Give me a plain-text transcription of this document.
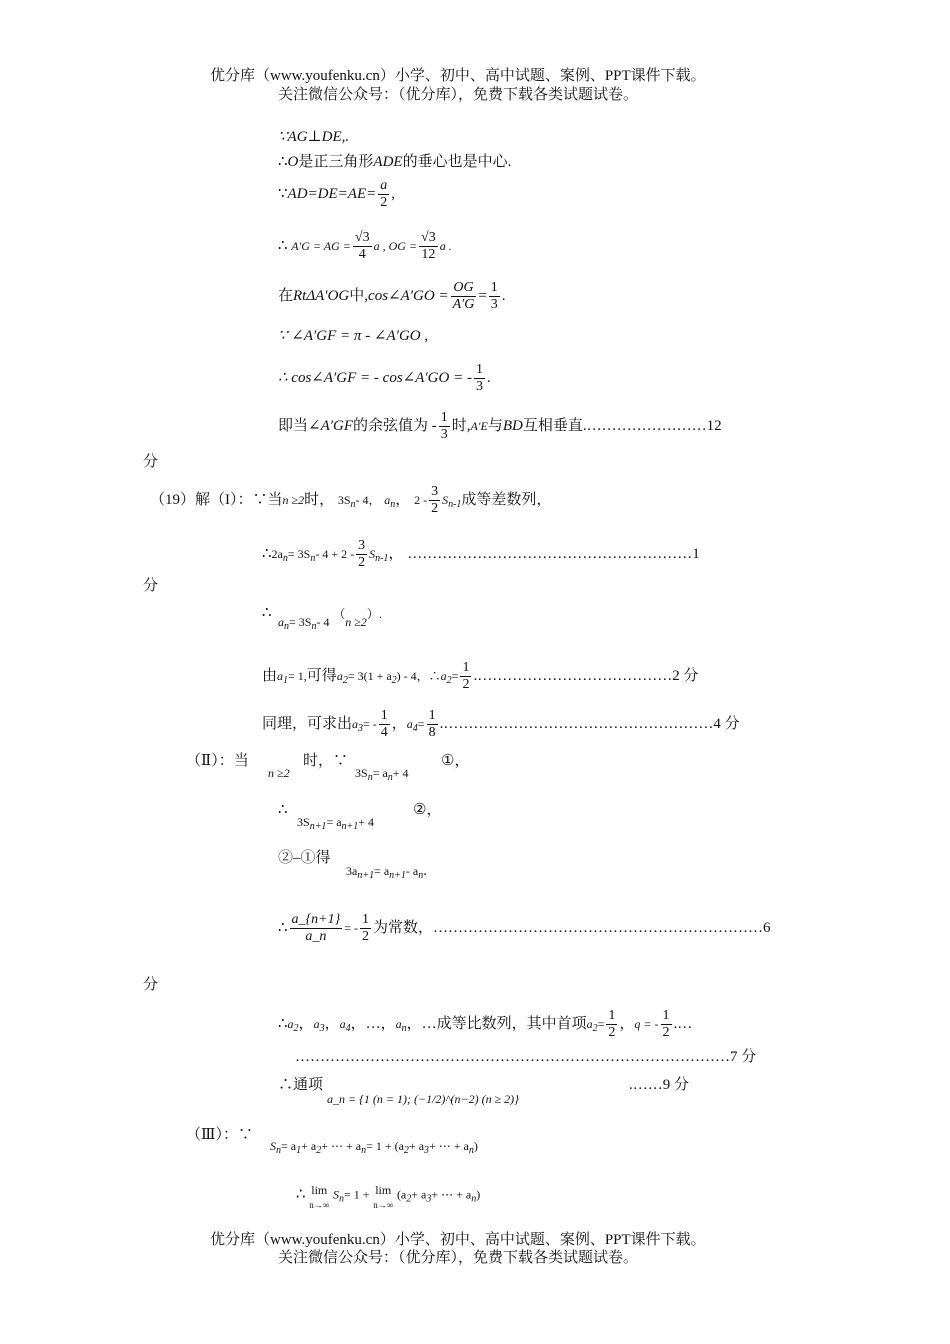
优分库（www.youfenku.cn）小学、初中、高中试题、案例、PPT课件下载。
关注微信公众号：（优分库），免费下载各类试题试卷。
∵AG⊥DE,.
∴O是正三角形ADE的垂心也是中心.
∵AD=DE=AE= $\frac{a}{2}$ ,
∴ A′G = AG = $\frac{√3}{4}$ a , OG = $\frac{√3}{12}$ a .
在RtΔA′OG中,cos∠A′GO = $\frac{OG}{A'G} = \frac{1}{3}$ .
∵ ∠A′GF = π - ∠A′GO ,
∴ cos∠A′GF = - cos∠A′GO = - $\frac{1}{3}$ .
即当∠A′GF的余弦值为 - $\frac{1}{3}$ 时,A′E与BD互相垂直.……………………12
分
（19）解（I）：∵当n ≥2时， $3S_n-$ 4， $a_n$， $2 - \frac{3}{2} S_{n-1}$成等差数列，
$\therefore 2a_n= 3S_n-$ $4 + 2 - \frac{3}{2} S_{n-1}$， …………………………………………………1
分
∴
$a_n= 3S_n-$ 4 （n ≥2）.
由$a_1= 1$,可得$a_2= 3(1 + a_2) - 4$，$\therefore a_2= \frac{1}{2}$ .…………………………………2 分
同理，可求出$a_3= - \frac{1}{4}$ ，$a_4= \frac{1}{8}$ .………………………………………………4 分
（Ⅱ）：当
n ≥2
时，∵
$3S_n= a_n+ 4$
①，
∴
$3S_{n+1}= a_{n+1}+ 4$
②，
②–①得
$3a_{n+1}= a_{n+1}-$ $a_n$.
∴ $\frac{a\_\{n+1\}}{a\_n}$ = - $\frac{1}{2}$ 为常数，…………………………………………………………6
分
$\therefore a_2$，$a_3$，$a_4$，…，$a_n$，…成等比数列，其中首项$a_2= \frac{1}{2}$ ，q = - $\frac{1}{2}$ .…
……………………………………………………………………………7 分
∴通项a_n = {1 (n = 1); (−1/2)^(n−2) (n ≥ 2)}.……9 分
（Ⅲ）：∵
$S_n= a_1+ a_2+$ ⋯ + $a_n= 1 + (a_2+ a_3+$ ⋯ + $a_n$)
∴ lim
n→∞
$S_n= 1 + \lim$
n→∞
($a_2+ a_3+$ ⋯ + $a_n$)
优分库（www.youfenku.cn）小学、初中、高中试题、案例、PPT课件下载。
关注微信公众号：（优分库），免费下载各类试题试卷。
